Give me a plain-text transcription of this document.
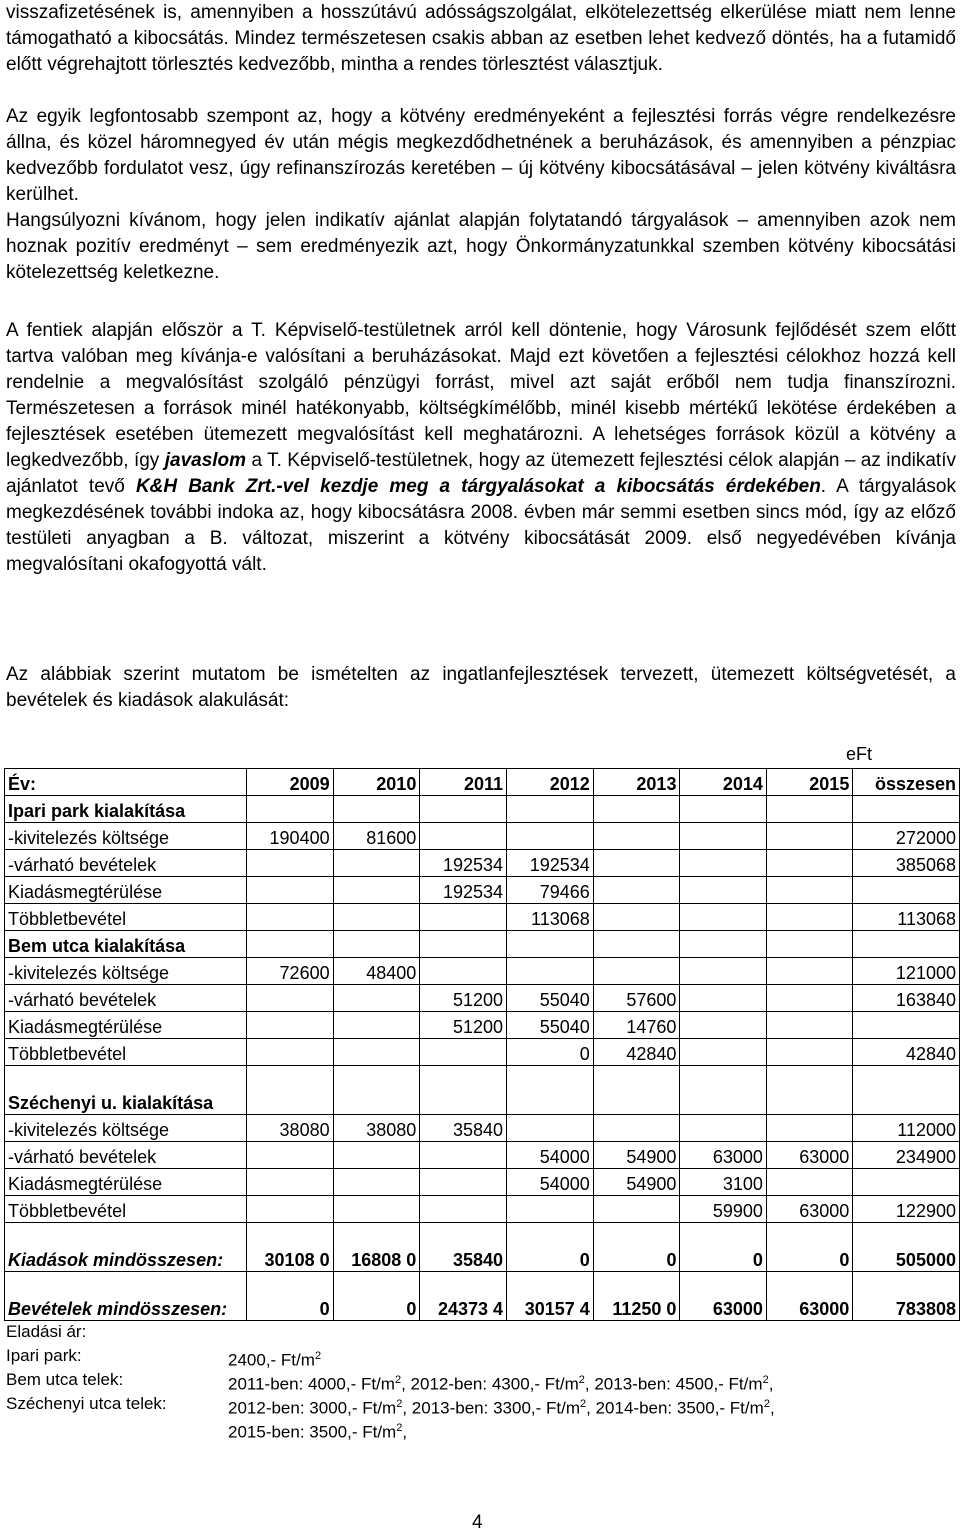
visszafizetésének is, amennyiben a hosszútávú adósságszolgálat, elkötelezettség elkerülése miatt nem lenne támogatható a kibocsátás. Mindez természetesen csakis abban az esetben lehet kedvező döntés, ha a futamidő előtt végrehajtott törlesztés kedvezőbb, mintha a rendes törlesztést választjuk.

Az egyik legfontosabb szempont az, hogy a kötvény eredményeként a fejlesztési forrás végre rendelkezésre állna, és közel háromnegyed év után mégis megkezdődhetnének a beruházások, és amennyiben a pénzpiac kedvezőbb fordulatot vesz, úgy refinanszírozás keretében – új kötvény kibocsátásával – jelen kötvény kiváltásra kerülhet.

Hangsúlyozni kívánom, hogy jelen indikatív ajánlat alapján folytatandó tárgyalások – amennyiben azok nem hoznak pozitív eredményt – sem eredményezik azt, hogy Önkormányzatunkkal szemben kötvény kibocsátási kötelezettség keletkezne.

A fentiek alapján először a T. Képviselő-testületnek arról kell döntenie, hogy Városunk fejlődését szem előtt tartva valóban meg kívánja-e valósítani a beruházásokat. Majd ezt követően a fejlesztési célokhoz hozzá kell rendelnie a megvalósítást szolgáló pénzügyi forrást, mivel azt saját erőből nem tudja finanszírozni. Természetesen a források minél hatékonyabb, költségkímélőbb, minél kisebb mértékű lekötése érdekében a fejlesztések esetében ütemezett megvalósítást kell meghatározni. A lehetséges források közül a kötvény a legkedvezőbb, így javaslom a T. Képviselő-testületnek, hogy az ütemezett fejlesztési célok alapján – az indikatív ajánlatot tevő K&H Bank Zrt.-vel kezdje meg a tárgyalásokat a kibocsátás érdekében. A tárgyalások megkezdésének további indoka az, hogy kibocsátásra 2008. évben már semmi esetben sincs mód, így az előző testületi anyagban a B. változat, miszerint a kötvény kibocsátását 2009. első negyedévében kívánja megvalósítani okafogyottá vált.

Az alábbiak szerint mutatom be ismételten az ingatlanfejlesztések tervezett, ütemezett költségvetését, a bevételek és kiadások alakulását:

eFt
Év:	2009	2010	2011	2012	2013	2014	2015	összesen
Ipari park kialakítása								
-kivitelezés költsége	190400	81600						272000
-várható bevételek			192534	192534				385068
Kiadásmegtérülése			192534	79466				
Többletbevétel				113068				113068
Bem utca kialakítása								
-kivitelezés költsége	72600	48400						121000
-várható bevételek			51200	55040	57600			163840
Kiadásmegtérülése			51200	55040	14760			
Többletbevétel				0	42840			42840
Széchenyi u. kialakítása								
-kivitelezés költsége	38080	38080	35840					112000
-várható bevételek				54000	54900	63000	63000	234900
Kiadásmegtérülése				54000	54900	3100		
Többletbevétel						59900	63000	122900
Kiadások mindösszesen:	30108 0	16808 0	35840	0	0	0	0	505000
Bevételek mindösszesen:	0	0	24373 4	30157 4	11250 0	63000	63000	783808
Eladási ár:
Ipari park:	2400,- $Ft/m^2$
Bem utca telek:	2011-ben: 4000,- $Ft/m^2$, 2012-ben: 4300,- $Ft/m^2$, 2013-ben: 4500,- $Ft/m^2$,
Széchenyi utca telek:	2012-ben: 3000,- $Ft/m^2$, 2013-ben: 3300,- $Ft/m^2$, 2014-ben: 3500,- $Ft/m^2$,
2015-ben: 3500,- $Ft/m^2$,
4
